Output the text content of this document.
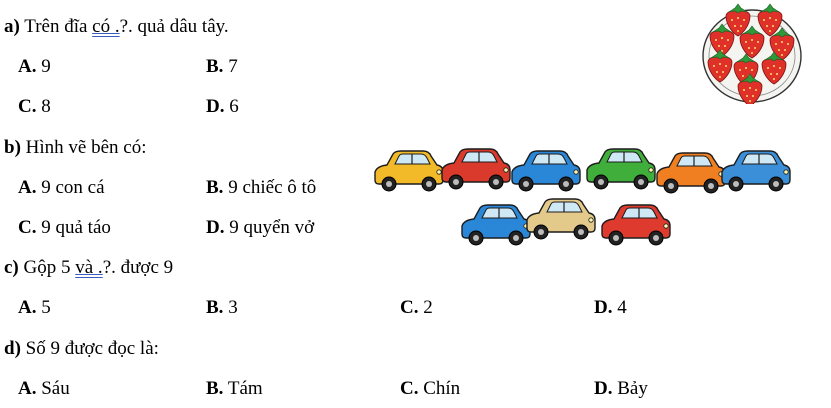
a) Trên đĩa có .?. quả dâu tây.
A. 9	B. 7
C. 8	D. 6
b) Hình vẽ bên có:
A. 9 con cá	B. 9 chiếc ô tô
C. 9 quả táo	D. 9 quyển vở
c) Gộp 5 và .?. được 9
A. 5	B. 3	C. 2	D. 4
d) Số 9 được đọc là:
A. Sáu	B. Tám	C. Chín	D. Bảy
